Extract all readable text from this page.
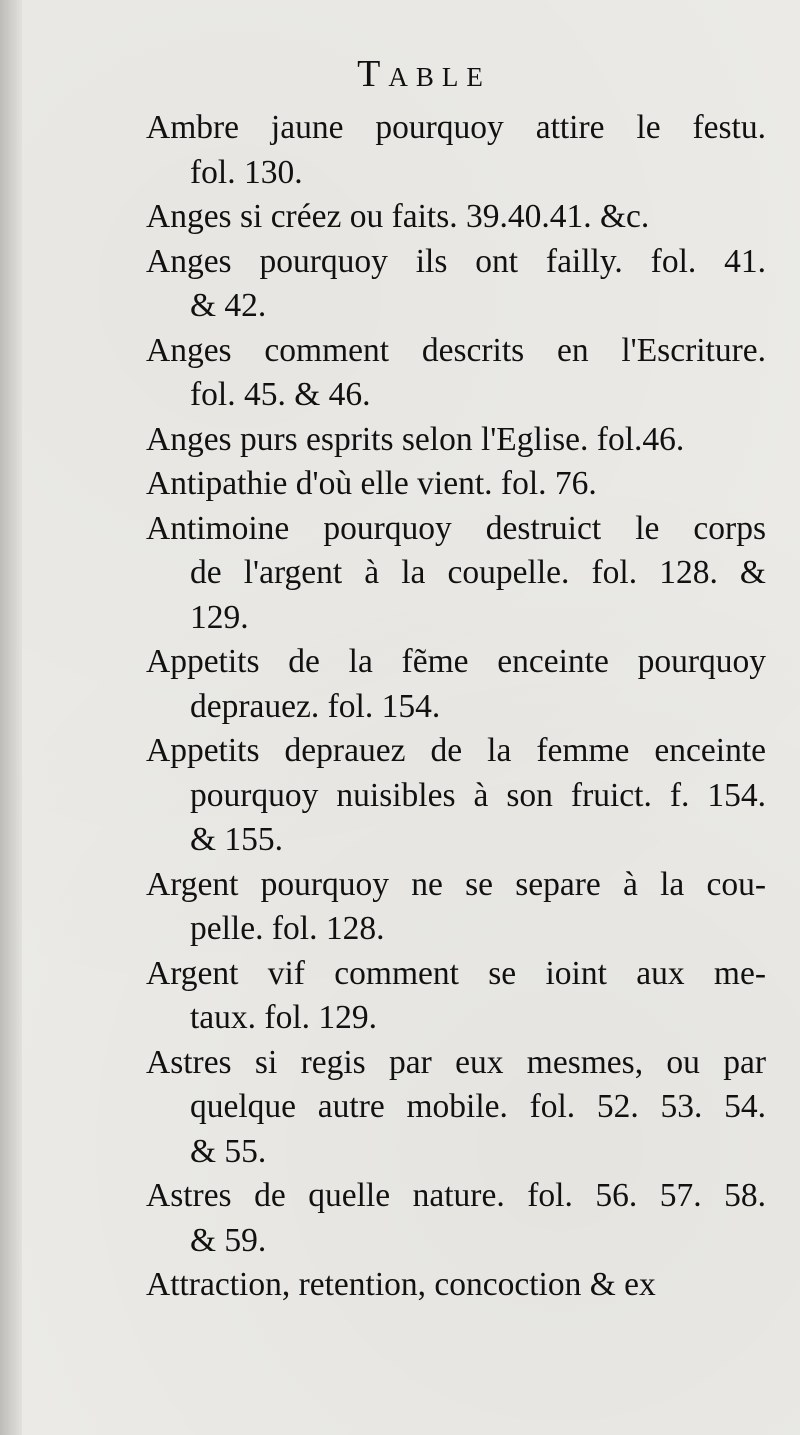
Table
Ambre jaune pourquoy attire le festu.
fol. 130.
Anges si créez ou faits. 39.40.41. &c.
Anges pourquoy ils ont failly. fol. 41.
& 42.
Anges comment descrits en l'Escriture.
fol. 45. & 46.
Anges purs esprits selon l'Eglise. fol.46.
Antipathie d'où elle vient. fol. 76.
Antimoine pourquoy destruict le corps
de l'argent à la coupelle. fol. 128. &
129.
Appetits de la fẽme enceinte pourquoy
deprauez. fol. 154.
Appetits deprauez de la femme enceinte
pourquoy nuisibles à son fruict. f. 154.
& 155.
Argent pourquoy ne se separe à la cou-
pelle. fol. 128.
Argent vif comment se ioint aux me-
taux. fol. 129.
Astres si regis par eux mesmes, ou par
quelque autre mobile. fol. 52. 53. 54.
& 55.
Astres de quelle nature. fol. 56. 57. 58.
& 59.
Attraction, retention, concoction & ex
